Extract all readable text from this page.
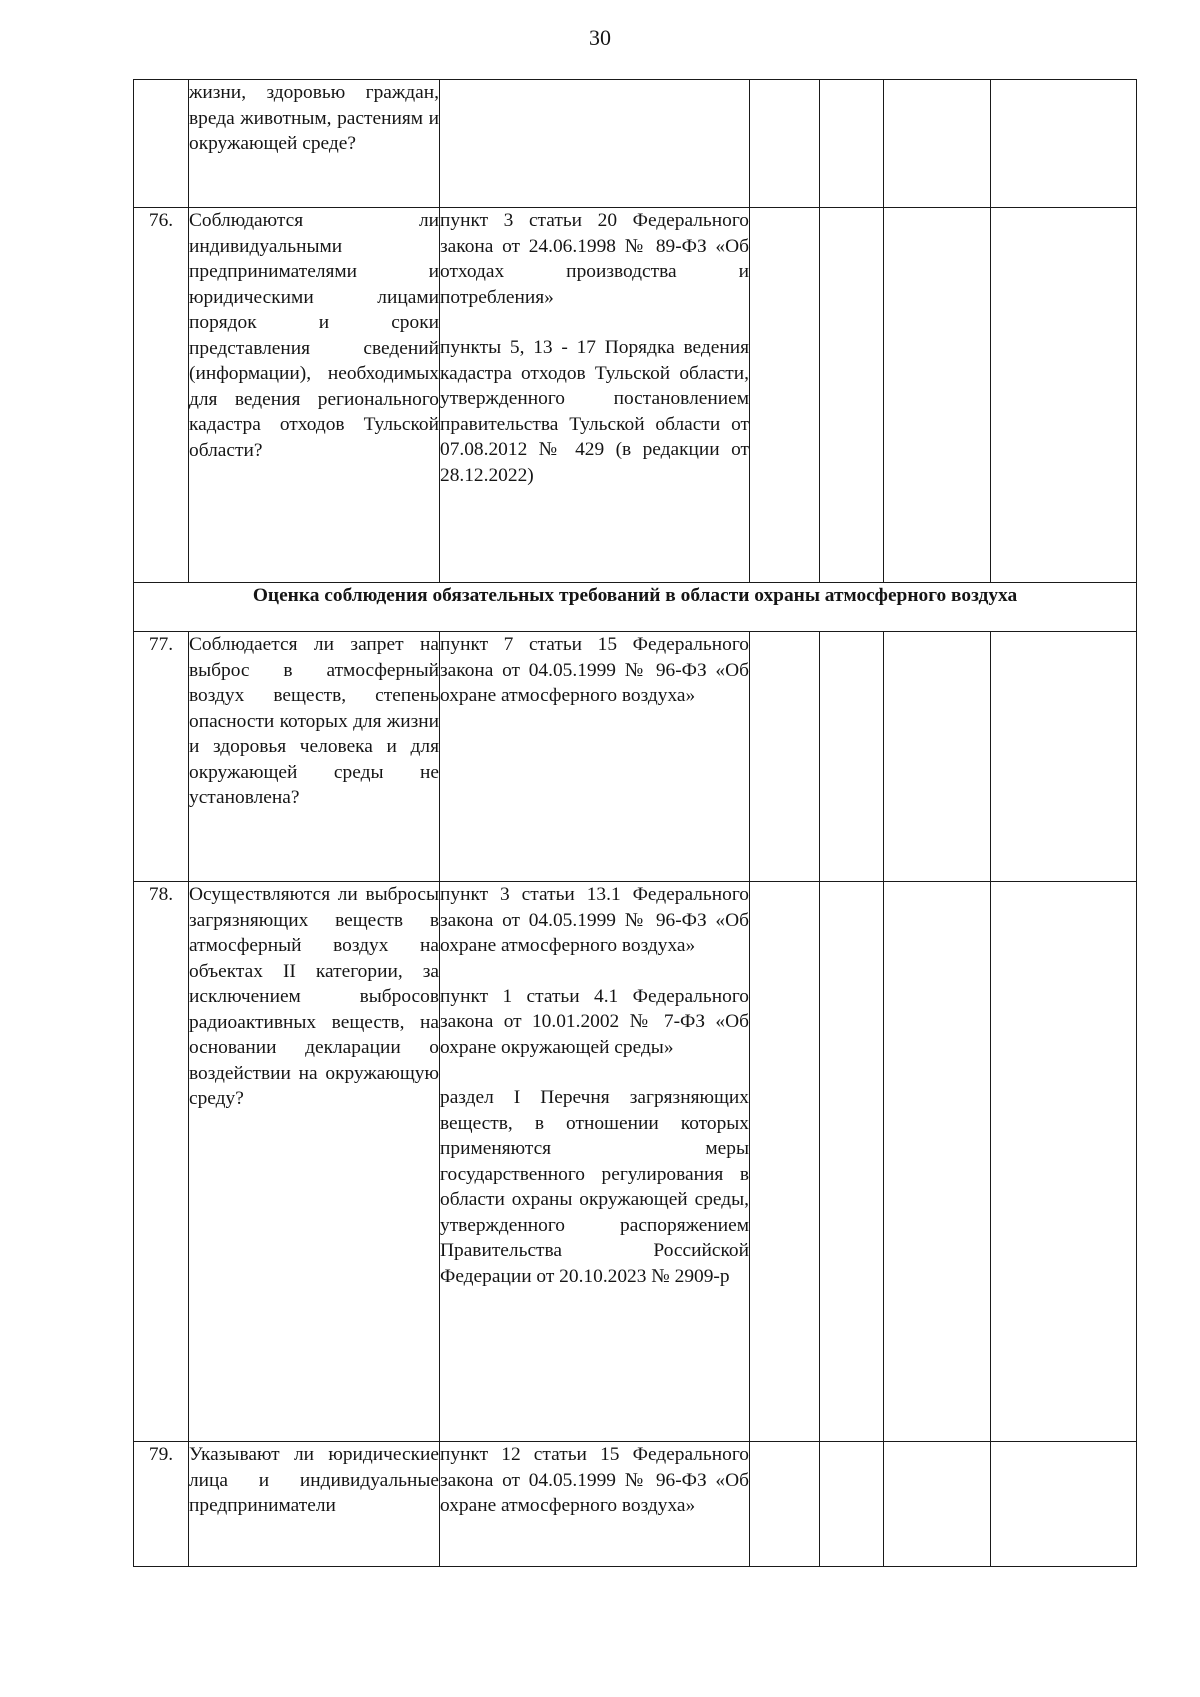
30
	жизни, здоровью граждан, вреда животным, растениям и окружающей среде?					
76.	Соблюдаются ли индивидуальными предпринимателями и юридическими лицами порядок и сроки представления сведений (информации), необходимых для ведения регионального кадастра отходов Тульской области?	пункт 3 статьи 20 Федерального закона от 24.06.1998 № 89-ФЗ «Об отходах производства и потребления»
пункты 5, 13 - 17 Порядка ведения кадастра отходов Тульской области, утвержденного постановлением правительства Тульской области от 07.08.2012 № 429 (в редакции от 28.12.2022)				

Оценка соблюдения обязательных требований в области охраны атмосферного воздуха						
77.	Соблюдается ли запрет на выброс в атмосферный воздух веществ, степень опасности которых для жизни и здоровья человека и для окружающей среды не установлена?	пункт 7 статьи 15 Федерального закона от 04.05.1999 № 96-ФЗ «Об охране атмосферного воздуха»				

78.	Осуществляются ли выбросы загрязняющих веществ в атмосферный воздух на объектах II категории, за исключением выбросов радиоактивных веществ, на основании декларации о воздействии на окружающую среду?	пункт 3 статьи 13.1 Федерального закона от 04.05.1999 № 96-ФЗ «Об охране атмосферного воздуха»
пункт 1 статьи 4.1 Федерального закона от 10.01.2002 № 7-ФЗ «Об охране окружающей среды»
раздел I Перечня загрязняющих веществ, в отношении которых применяются меры государственного регулирования в области охраны окружающей среды, утвержденного распоряжением Правительства Российской Федерации от 20.10.2023 № 2909-р				

79.	Указывают ли юридические лица и индивидуальные предприниматели	пункт 12 статьи 15 Федерального закона от 04.05.1999 № 96-ФЗ «Об охране атмосферного воздуха»				
